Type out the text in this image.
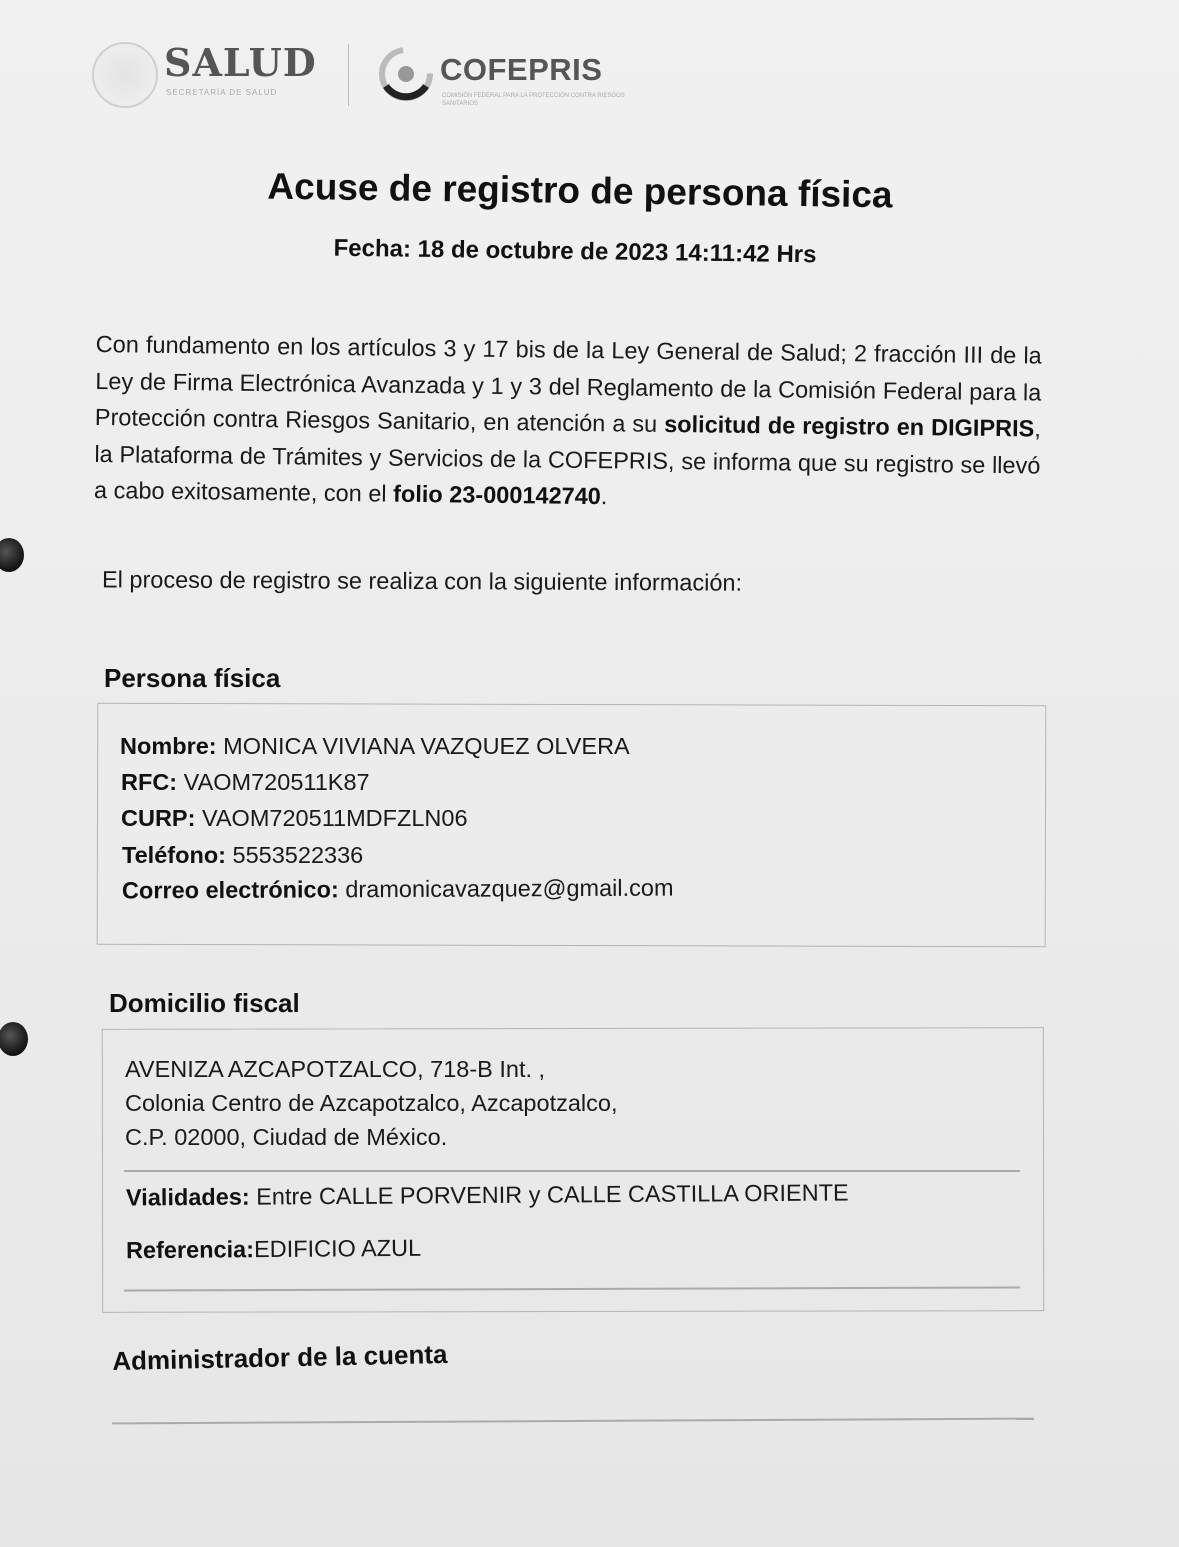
SALUD
SECRETARÍA DE SALUD
COFEPRIS
COMISIÓN FEDERAL PARA LA PROTECCIÓN CONTRA RIESGOS SANITARIOS
Acuse de registro de persona física
Fecha: 18 de octubre de 2023 14:11:42 Hrs
Con fundamento en los artículos 3 y 17 bis de la Ley General de Salud; 2 fracción III de la Ley de Firma Electrónica Avanzada y 1 y 3 del Reglamento de la Comisión Federal para la Protección contra Riesgos Sanitario, en atención a su solicitud de registro en DIGIPRIS, la Plataforma de Trámites y Servicios de la COFEPRIS, se informa que su registro se llevó a cabo exitosamente, con el folio 23-000142740.
El proceso de registro se realiza con la siguiente información:
Persona física
Nombre: MONICA VIVIANA VAZQUEZ OLVERA
RFC: VAOM720511K87
CURP: VAOM720511MDFZLN06
Teléfono: 5553522336
Correo electrónico: dramonicavazquez@gmail.com
Domicilio fiscal
AVENIZA AZCAPOTZALCO, 718-B Int. ,
Colonia Centro de Azcapotzalco, Azcapotzalco,
C.P. 02000, Ciudad de México.
Vialidades: Entre CALLE PORVENIR y CALLE CASTILLA ORIENTE
Referencia:EDIFICIO AZUL
Administrador de la cuenta
